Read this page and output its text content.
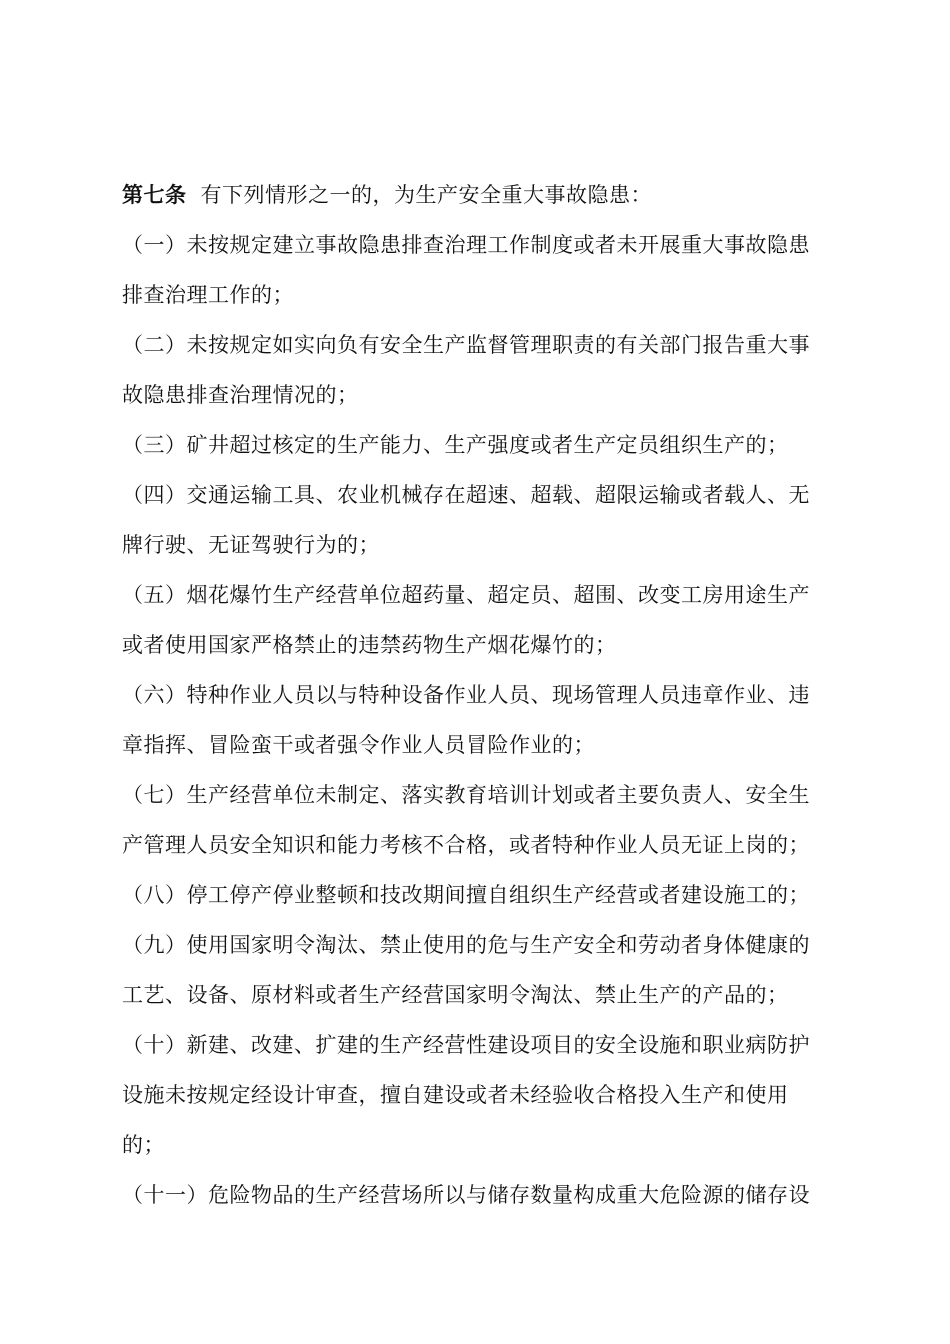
第七条 有下列情形之一的，为生产安全重大事故隐患：

（一）未按规定建立事故隐患排查治理工作制度或者未开展重大事故隐患排查治理工作的；

（二）未按规定如实向负有安全生产监督管理职责的有关部门报告重大事故隐患排查治理情况的；

（三）矿井超过核定的生产能力、生产强度或者生产定员组织生产的；

（四）交通运输工具、农业机械存在超速、超载、超限运输或者载人、无牌行驶、无证驾驶行为的；

（五）烟花爆竹生产经营单位超药量、超定员、超围、改变工房用途生产或者使用国家严格禁止的违禁药物生产烟花爆竹的；

（六）特种作业人员以与特种设备作业人员、现场管理人员违章作业、违章指挥、冒险蛮干或者强令作业人员冒险作业的；

（七）生产经营单位未制定、落实教育培训计划或者主要负责人、安全生产管理人员安全知识和能力考核不合格，或者特种作业人员无证上岗的；

（八）停工停产停业整顿和技改期间擅自组织生产经营或者建设施工的；

（九）使用国家明令淘汰、禁止使用的危与生产安全和劳动者身体健康的工艺、设备、原材料或者生产经营国家明令淘汰、禁止生产的产品的；

（十）新建、改建、扩建的生产经营性建设项目的安全设施和职业病防护设施未按规定经设计审查，擅自建设或者未经验收合格投入生产和使用的；

（十一）危险物品的生产经营场所以与储存数量构成重大危险源的储存设
